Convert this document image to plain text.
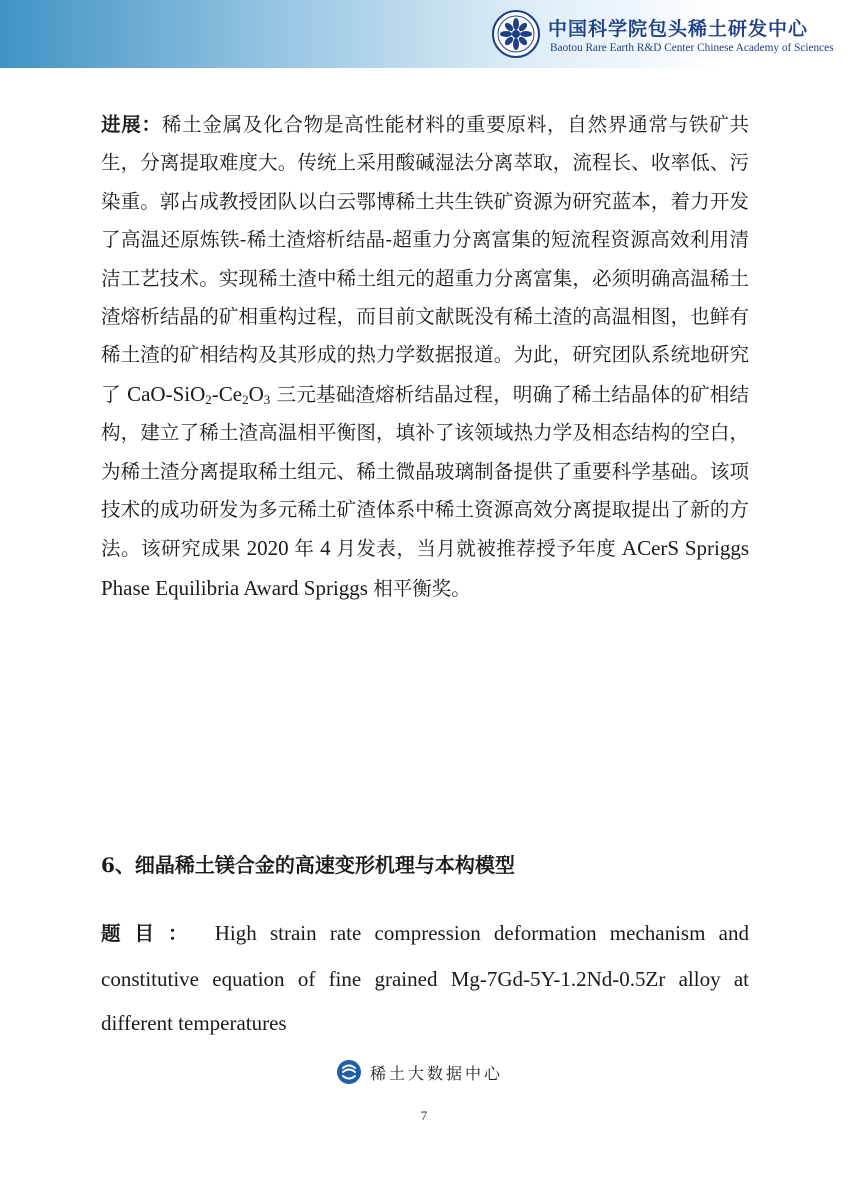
中国科学院包头稀土研发中心
Baotou Rare Earth R&D Center Chinese Academy of Sciences
进展：稀土金属及化合物是高性能材料的重要原料，自然界通常与铁矿共生，分离提取难度大。传统上采用酸碱湿法分离萃取，流程长、收率低、污染重。郭占成教授团队以白云鄂博稀土共生铁矿资源为研究蓝本，着力开发了高温还原炼铁-稀土渣熔析结晶-超重力分离富集的短流程资源高效利用清洁工艺技术。实现稀土渣中稀土组元的超重力分离富集，必须明确高温稀土渣熔析结晶的矿相重构过程，而目前文献既没有稀土渣的高温相图，也鲜有稀土渣的矿相结构及其形成的热力学数据报道。为此，研究团队系统地研究了 CaO-$SiO_2-Ce_2O_3$ 三元基础渣熔析结晶过程，明确了稀土结晶体的矿相结构，建立了稀土渣高温相平衡图，填补了该领域热力学及相态结构的空白，为稀土渣分离提取稀土组元、稀土微晶玻璃制备提供了重要科学基础。该项技术的成功研发为多元稀土矿渣体系中稀土资源高效分离提取提出了新的方法。该研究成果 2020 年 4 月发表，当月就被推荐授予年度 ACerS Spriggs Phase Equilibria Award Spriggs 相平衡奖。
6、细晶稀土镁合金的高速变形机理与本构模型
题目： High strain rate compression deformation mechanism and constitutive equation of fine grained Mg-7Gd-5Y-1.2Nd-0.5Zr alloy at different temperatures
稀土大数据中心
7
